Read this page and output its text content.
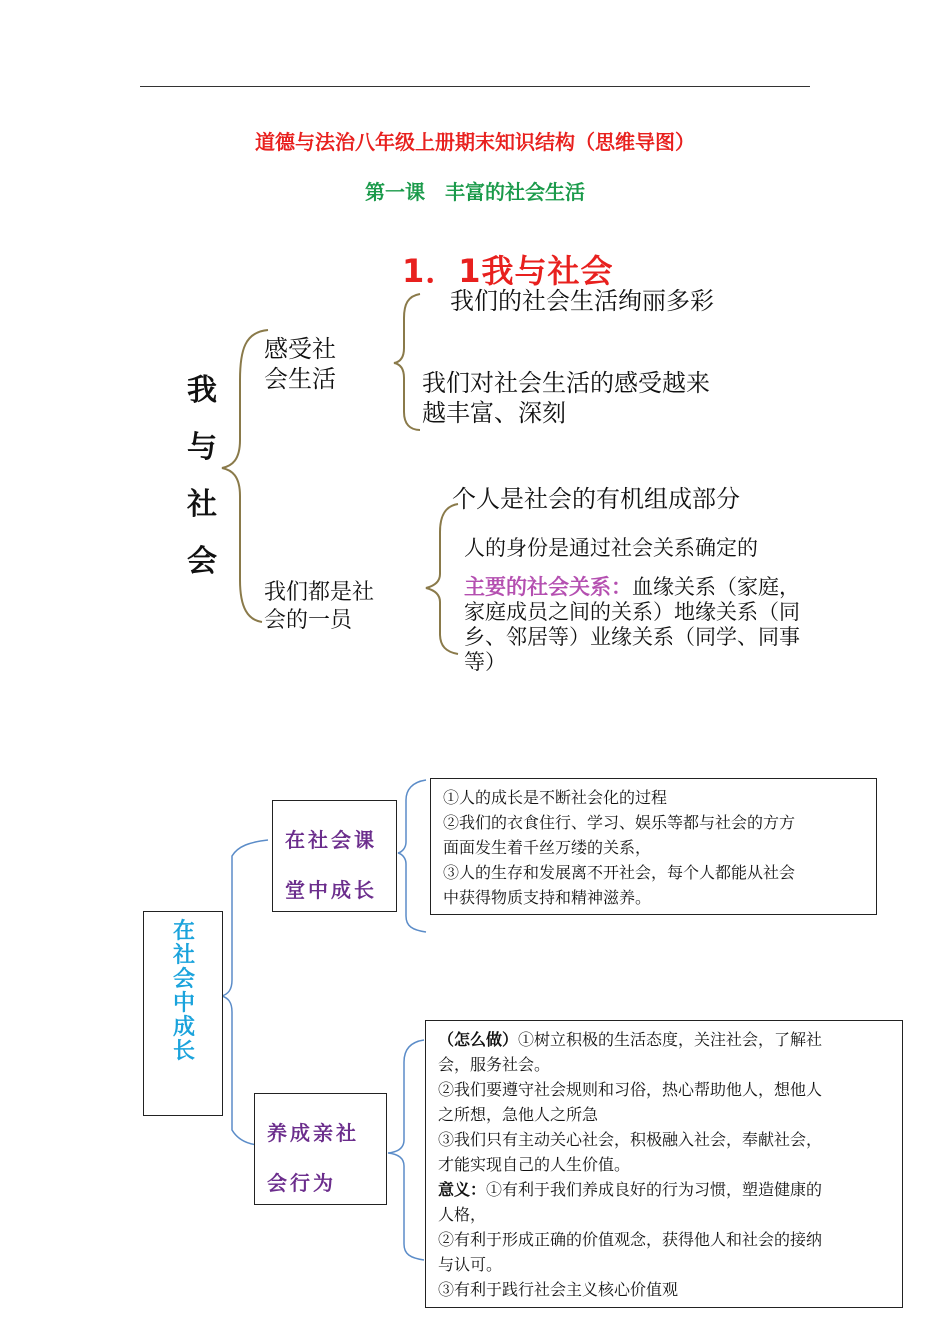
道德与法治八年级上册期末知识结构（思维导图）
第一课　丰富的社会生活
1．1我与社会
我
与
社
会
感受社
会生活
我们的社会生活绚丽多彩
我们对社会生活的感受越来
越丰富、深刻
我们都是社
会的一员
个人是社会的有机组成部分
人的身份是通过社会关系确定的
主要的社会关系：血缘关系（家庭，
家庭成员之间的关系）地缘关系（同
乡、邻居等）业缘关系（同学、同事
等）
在
社
会
中
成
长
在社会课
堂中成长
养成亲社
会行为
①人的成长是不断社会化的过程
②我们的衣食住行、学习、娱乐等都与社会的方方
面面发生着千丝万缕的关系，
③人的生存和发展离不开社会，每个人都能从社会
中获得物质支持和精神滋养。
（怎么做）①树立积极的生活态度，关注社会，了解社
会，服务社会。
②我们要遵守社会规则和习俗，热心帮助他人，想他人
之所想，急他人之所急
③我们只有主动关心社会，积极融入社会，奉献社会，
才能实现自己的人生价值。
意义：①有利于我们养成良好的行为习惯，塑造健康的
人格，
②有利于形成正确的价值观念，获得他人和社会的接纳
与认可。
③有利于践行社会主义核心价值观
